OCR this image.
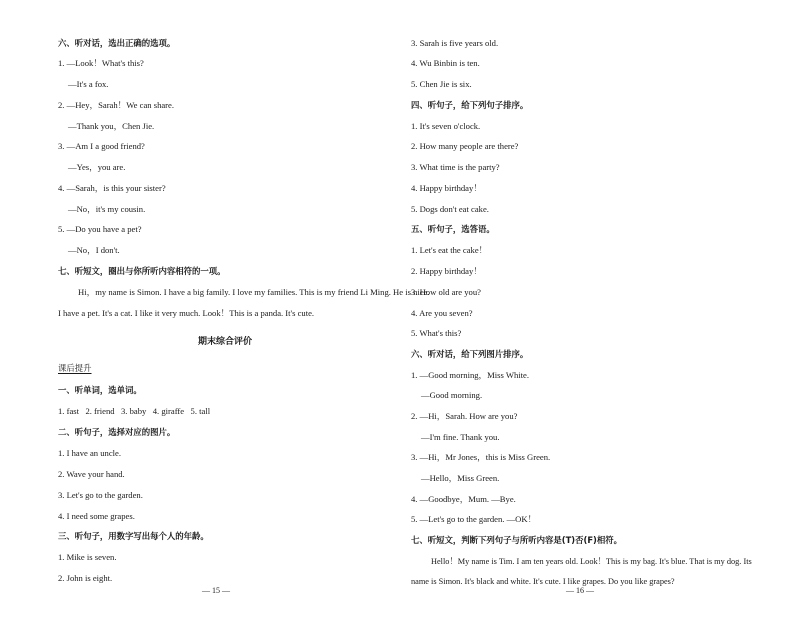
六、听对话，选出正确的选项。
1. —Look！What's this?
—It's a fox.
2. —Hey，Sarah！We can share.
—Thank you，Chen Jie.
3. —Am I a good friend?
—Yes，you are.
4. —Sarah，is this your sister?
—No，it's my cousin.
5. —Do you have a pet?
—No，I don't.
七、听短文，圈出与你所听内容相符的一项。
Hi，my name is Simon. I have a big family. I love my families. This is my friend Li Ming. He is nice.
I have a pet. It's a cat. I like it very much. Look！This is a panda. It's cute.
期末综合评价
课后提升
一、听单词，选单词。
1. fast   2. friend   3. baby   4. giraffe   5. tall
二、听句子，选择对应的图片。
1. I have an uncle.
2. Wave your hand.
3. Let's go to the garden.
4. I need some grapes.
三、听句子，用数字写出每个人的年龄。
1. Mike is seven.
2. John is eight.
— 15 —
3. Sarah is five years old.
4. Wu Binbin is ten.
5. Chen Jie is six.
四、听句子，给下列句子排序。
1. It's seven o'clock.
2. How many people are there?
3. What time is the party?
4. Happy birthday！
5. Dogs don't eat cake.
五、听句子，选答语。
1. Let's eat the cake！
2. Happy birthday！
3. How old are you?
4. Are you seven?
5. What's this?
六、听对话，给下列图片排序。
1. —Good morning，Miss White.
—Good morning.
2. —Hi，Sarah. How are you?
—I'm fine. Thank you.
3. —Hi，Mr Jones，this is Miss Green.
—Hello，Miss Green.
4. —Goodbye，Mum. —Bye.
5. —Let's go to the garden. —OK！
七、听短文，判断下列句子与所听内容是(T)否(F)相符。
Hello！My name is Tim. I am ten years old. Look！This is my bag. It's blue. That is my dog. Its
name is Simon. It's black and white. It's cute. I like grapes. Do you like grapes?
— 16 —
